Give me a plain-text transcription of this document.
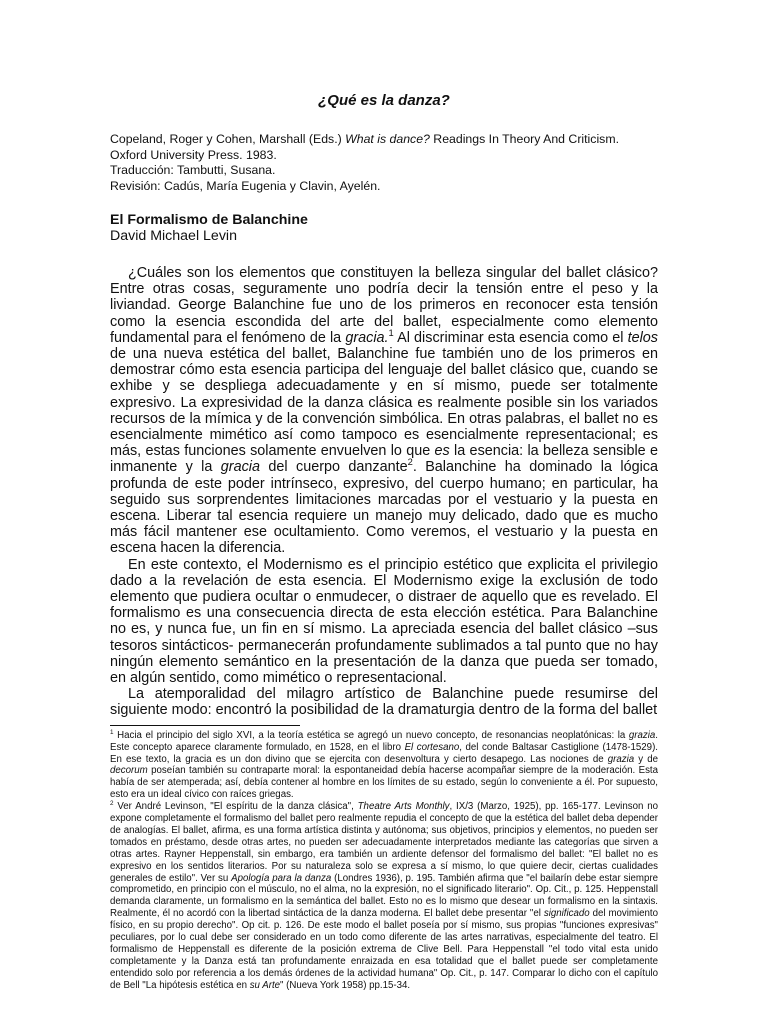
¿Qué es la danza?

Copeland, Roger y Cohen, Marshall (Eds.) What is dance? Readings In Theory And Criticism.

Oxford University Press. 1983.

Traducción: Tambutti, Susana.

Revisión: Cadús, María Eugenia y Clavin, Ayelén.

El Formalismo de Balanchine
David Michael Levin

¿Cuáles son los elementos que constituyen la belleza singular del ballet clásico? Entre otras cosas, seguramente uno podría decir la tensión entre el peso y la liviandad. George Balanchine fue uno de los primeros en reconocer esta tensión como la esencia escondida del arte del ballet, especialmente como elemento fundamental para el fenómeno de la gracia.$^1$ Al discriminar esta esencia como el telos de una nueva estética del ballet, Balanchine fue también uno de los primeros en demostrar cómo esta esencia participa del lenguaje del ballet clásico que, cuando se exhibe y se despliega adecuadamente y en sí mismo, puede ser totalmente expresivo. La expresividad de la danza clásica es realmente posible sin los variados recursos de la mímica y de la convención simbólica. En otras palabras, el ballet no es esencialmente mimético así como tampoco es esencialmente representacional; es más, estas funciones solamente envuelven lo que es la esencia: la belleza sensible e inmanente y la gracia del cuerpo danzante$^2$. Balanchine ha dominado la lógica profunda de este poder intrínseco, expresivo, del cuerpo humano; en particular, ha seguido sus sorprendentes limitaciones marcadas por el vestuario y la puesta en escena. Liberar tal esencia requiere un manejo muy delicado, dado que es mucho más fácil mantener ese ocultamiento. Como veremos, el vestuario y la puesta en escena hacen la diferencia.

En este contexto, el Modernismo es el principio estético que explicita el privilegio dado a la revelación de esta esencia. El Modernismo exige la exclusión de todo elemento que pudiera ocultar o enmudecer, o distraer de aquello que es revelado. El formalismo es una consecuencia directa de esta elección estética. Para Balanchine no es, y nunca fue, un fin en sí mismo. La apreciada esencia del ballet clásico –sus tesoros sintácticos- permanecerán profundamente sublimados a tal punto que no hay ningún elemento semántico en la presentación de la danza que pueda ser tomado, en algún sentido, como mimético o representacional.

La atemporalidad del milagro artístico de Balanchine puede resumirse del siguiente modo: encontró la posibilidad de la dramaturgia dentro de la forma del ballet

$^1$ Hacia el principio del siglo XVI, a la teoría estética se agregó un nuevo concepto, de resonancias neoplatónicas: la grazia. Este concepto aparece claramente formulado, en 1528, en el libro El cortesano, del conde Baltasar Castiglione (1478-1529). En ese texto, la gracia es un don divino que se ejercita con desenvoltura y cierto desapego. Las nociones de grazia y de decorum poseían también su contraparte moral: la espontaneidad debía hacerse acompañar siempre de la moderación. Esta había de ser atemperada; así, debía contener al hombre en los límites de su estado, según lo conveniente a él. Por supuesto, esto era un ideal cívico con raíces griegas.

$^2$ Ver André Levinson, "El espíritu de la danza clásica", Theatre Arts Monthly, IX/3 (Marzo, 1925), pp. 165-177. Levinson no expone completamente el formalismo del ballet pero realmente repudia el concepto de que la estética del ballet deba depender de analogías. El ballet, afirma, es una forma artística distinta y autónoma; sus objetivos, principios y elementos, no pueden ser tomados en préstamo, desde otras artes, no pueden ser adecuadamente interpretados mediante las categorías que sirven a otras artes. Rayner Heppenstall, sin embargo, era también un ardiente defensor del formalismo del ballet: "El ballet no es expresivo en los sentidos literarios. Por su naturaleza solo se expresa a sí mismo, lo que quiere decir, ciertas cualidades generales de estilo". Ver su Apología para la danza (Londres 1936), p. 195. También afirma que "el bailarín debe estar siempre comprometido, en principio con el músculo, no el alma, no la expresión, no el significado literario". Op. Cit., p. 125. Heppenstall demanda claramente, un formalismo en la semántica del ballet. Esto no es lo mismo que desear un formalismo en la sintaxis. Realmente, él no acordó con la libertad sintáctica de la danza moderna. El ballet debe presentar "el significado del movimiento físico, en su propio derecho". Op cit. p. 126. De este modo el ballet poseía por sí mismo, sus propias "funciones expresivas" peculiares, por lo cual debe ser considerado en un todo como diferente de las artes narrativas, especialmente del teatro. El formalismo de Heppenstall es diferente de la posición extrema de Clive Bell. Para Heppenstall "el todo vital esta unido completamente y la Danza está tan profundamente enraizada en esa totalidad que el ballet puede ser completamente entendido solo por referencia a los demás órdenes de la actividad humana" Op. Cit., p. 147. Comparar lo dicho con el capítulo de Bell "La hipótesis estética en su Arte" (Nueva York 1958) pp.15-34.
